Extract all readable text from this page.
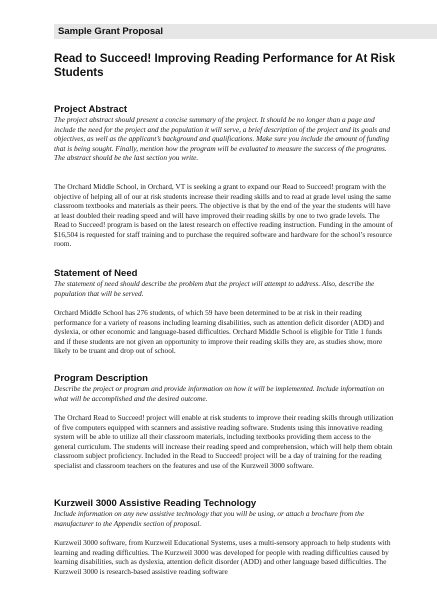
Sample Grant Proposal
Read to Succeed! Improving Reading Performance for At Risk Students
Project Abstract
The project abstract should present a concise summary of the project. It should be no longer than a page and include the need for the project and the population it will serve, a brief description of the project and its goals and objectives, as well as the applicant’s background and qualifications. Make sure you include the amount of funding that is being sought. Finally, mention how the program will be evaluated to measure the success of the programs. The abstract should be the last section you write.
The Orchard Middle School, in Orchard, VT is seeking a grant to expand our Read to Succeed! program with the objective of helping all of our at risk students increase their reading skills and to read at grade level using the same classroom textbooks and materials as their peers. The objective is that by the end of the year the students will have at least doubled their reading speed and will have improved their reading skills by one to two grade levels. The Read to Succeed! program is based on the latest research on effective reading instruction. Funding in the amount of $16,504 is requested for staff training and to purchase the required software and hardware for the school’s resource room.
Statement of Need
The statement of need should describe the problem that the project will attempt to address. Also, describe the population that will be served.
Orchard Middle School has 276 students, of which 59 have been determined to be at risk in their reading performance for a variety of reasons including learning disabilities, such as attention deficit disorder (ADD) and dyslexia, or other economic and language-based difficulties. Orchard Middle School is eligible for Title 1 funds and if these students are not given an opportunity to improve their reading skills they are, as studies show, more likely to be truant and drop out of school.
Program Description
Describe the project or program and provide information on how it will be implemented. Include information on what will be accomplished and the desired outcome.
The Orchard Read to Succeed! project will enable at risk students to improve their reading skills through utilization of five computers equipped with scanners and assistive reading software. Students using this innovative reading system will be able to utilize all their classroom materials, including textbooks providing them access to the general curriculum. The students will increase their reading speed and comprehension, which will help them obtain classroom subject proficiency. Included in the Read to Succeed! project will be a day of training for the reading specialist and classroom teachers on the features and use of the Kurzweil 3000 software.
Kurzweil 3000 Assistive Reading Technology
Include information on any new assistive technology that you will be using, or attach a brochure from the manufacturer to the Appendix section of proposal.
Kurzweil 3000 software, from Kurzweil Educational Systems, uses a multi-sensory approach to help students with learning and reading difficulties. The Kurzweil 3000 was developed for people with reading difficulties caused by learning disabilities, such as dyslexia, attention deficit disorder (ADD) and other language based difficulties. The Kurzweil 3000 is research-based assistive reading software
